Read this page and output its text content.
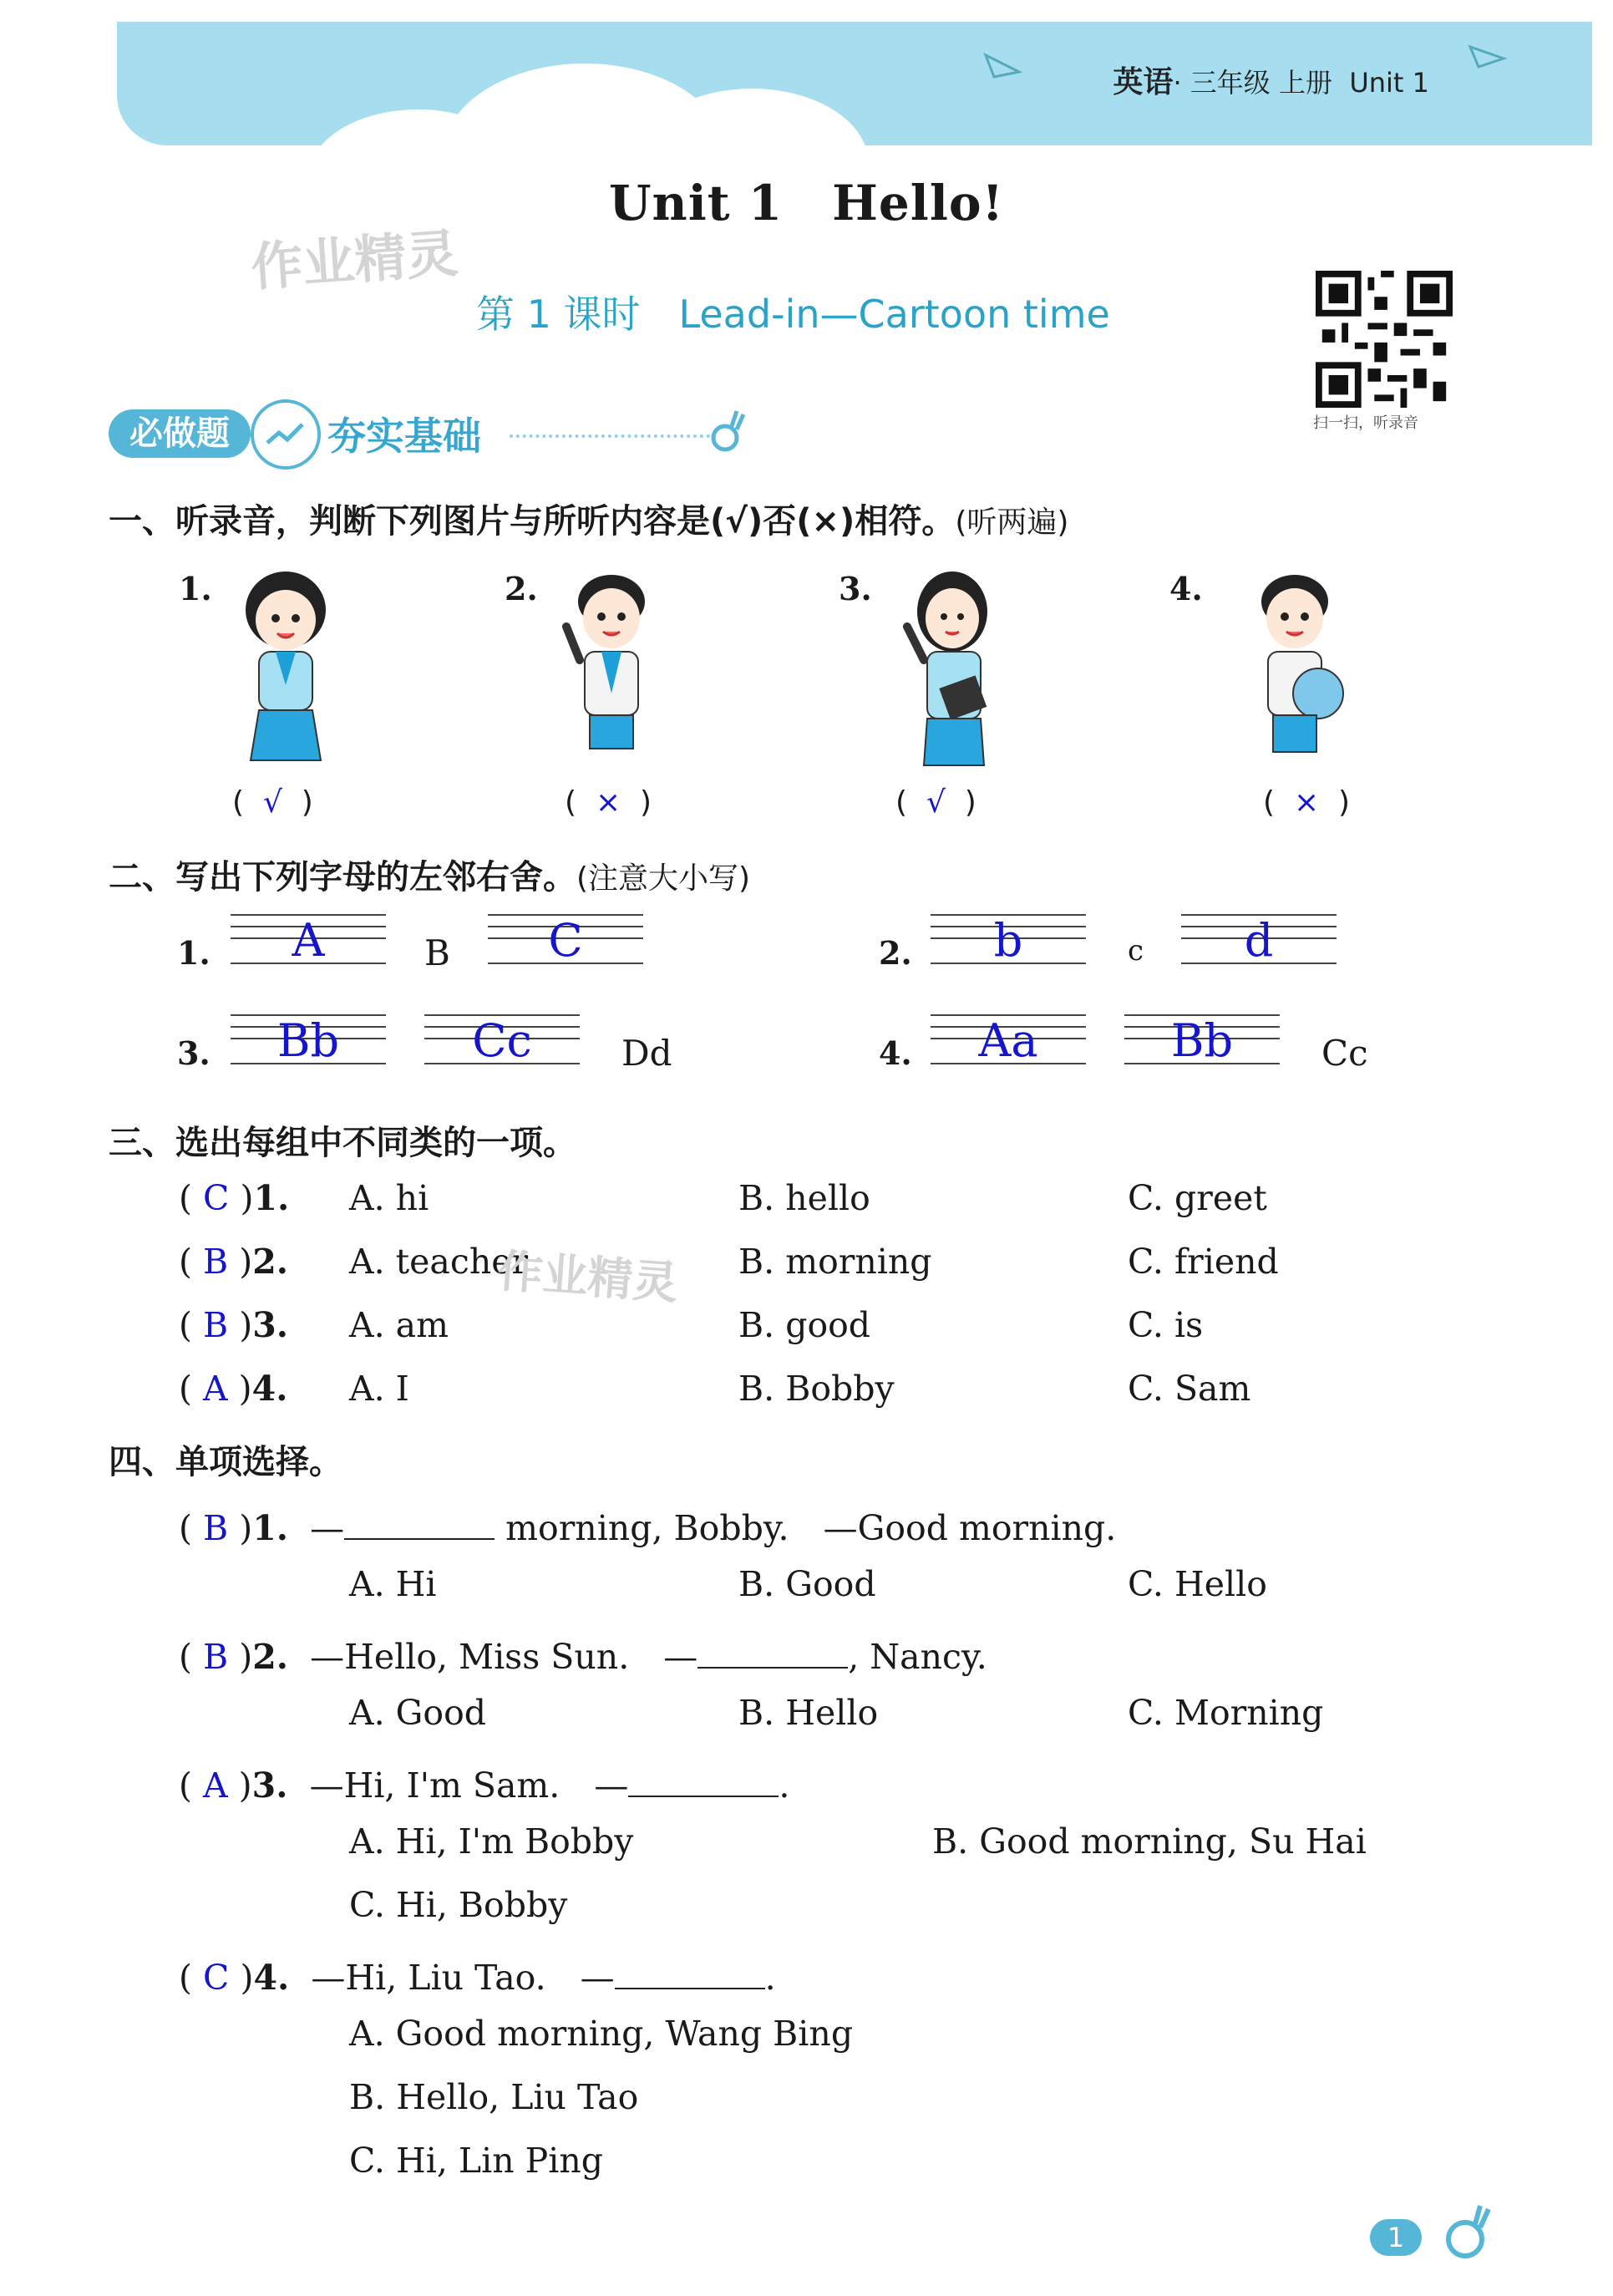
英语· 三年级 上册 Unit 1
Unit 1　Hello!
作业精灵
第 1 课时　Lead-in—Cartoon time
扫一扫，听录音
必做题	夯实基础
一、听录音，判断下列图片与所听内容是(√)否(×)相符。(听两遍)
1.
( √ )
2.
( × )
3.
( √ )
4.
( × )
二、写出下列字母的左邻右舍。(注意大小写)
1.	A	B	C	2.	b	c	d
3.	Bb	Cc	Dd	4.	Aa	Bb	Cc
三、选出每组中不同类的一项。
( C )1. A. hi	B. hello	C. greet
( B )2. A. teacher	B. morning	C. friend
作业精灵
( B )3. A. am	B. good	C. is
( A )4. A. I	B. Bobby	C. Sam
四、单项选择。
( B )1. —	morning, Bobby.　—Good morning.
A. Hi	B. Good	C. Hello
( B )2. —Hello, Miss Sun.　—	, Nancy.
A. Good	B. Hello	C. Morning
( A )3. —Hi, I'm Sam.　—	.
A. Hi, I'm Bobby	B. Good morning, Su Hai
C. Hi, Bobby
( C )4. —Hi, Liu Tao.　—	.
A. Good morning, Wang Bing
B. Hello, Liu Tao
C. Hi, Lin Ping
1
